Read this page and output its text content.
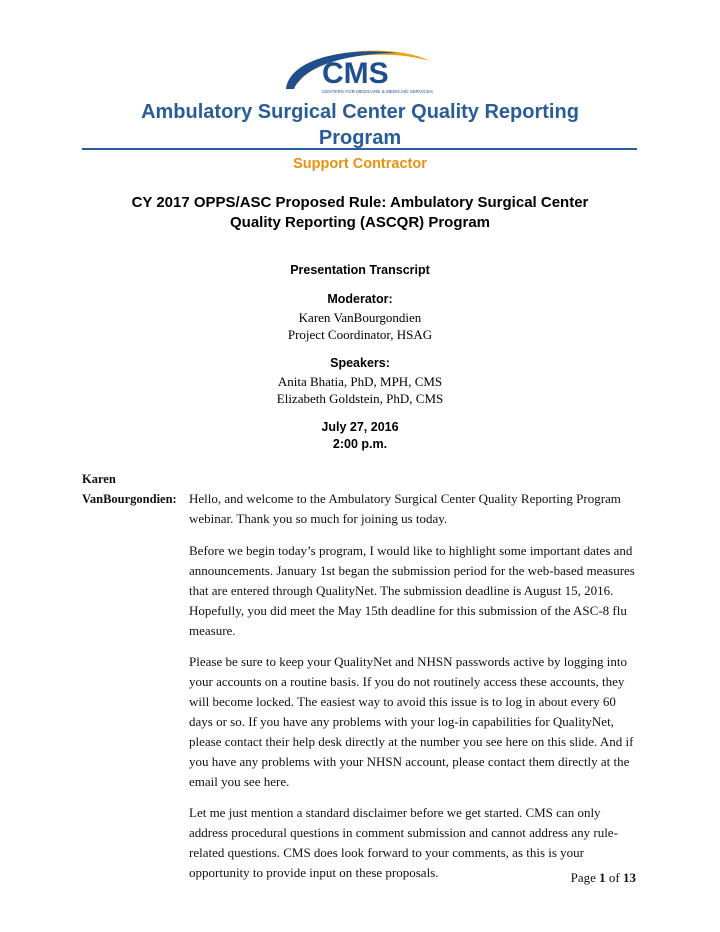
CMS
CENTERS FOR MEDICARE & MEDICAID SERVICES
Ambulatory Surgical Center Quality Reporting
Program
Support Contractor
CY 2017 OPPS/ASC Proposed Rule: Ambulatory Surgical Center
Quality Reporting (ASCQR) Program
Presentation Transcript
Moderator:
Karen VanBourgondien
Project Coordinator, HSAG
Speakers:
Anita Bhatia, PhD, MPH, CMS
Elizabeth Goldstein, PhD, CMS
July 27, 2016
2:00 p.m.
Karen
VanBourgondien: Hello, and welcome to the Ambulatory Surgical Center Quality Reporting Program webinar. Thank you so much for joining us today.
Before we begin today’s program, I would like to highlight some important dates and announcements. January 1st began the submission period for the web-based measures that are entered through QualityNet. The submission deadline is August 15, 2016. Hopefully, you did meet the May 15th deadline for this submission of the ASC-8 flu measure.
Please be sure to keep your QualityNet and NHSN passwords active by logging into your accounts on a routine basis. If you do not routinely access these accounts, they will become locked. The easiest way to avoid this issue is to log in about every 60 days or so. If you have any problems with your log-in capabilities for QualityNet, please contact their help desk directly at the number you see here on this slide. And if you have any problems with your NHSN account, please contact them directly at the email you see here.
Let me just mention a standard disclaimer before we get started. CMS can only address procedural questions in comment submission and cannot address any rule-related questions. CMS does look forward to your comments, as this is your opportunity to provide input on these proposals.	Page 1 of 13
